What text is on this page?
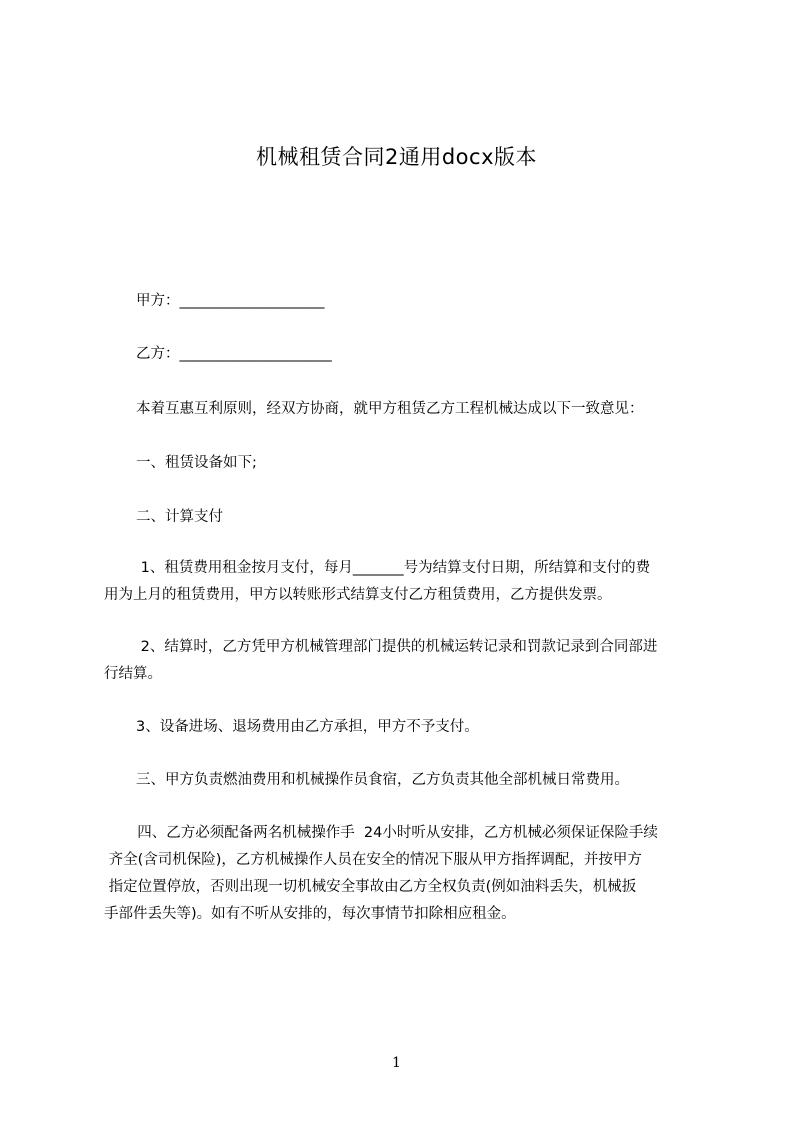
机械租赁合同2通用docx版本
甲方：____________________
乙方：_____________________
本着互惠互利原则，经双方协商，就甲方租赁乙方工程机械达成以下一致意见：
一、租赁设备如下;
二、计算支付
1、租赁费用租金按月支付，每月_______号为结算支付日期，所结算和支付的费
用为上月的租赁费用，甲方以转账形式结算支付乙方租赁费用，乙方提供发票。
2、结算时，乙方凭甲方机械管理部门提供的机械运转记录和罚款记录到合同部进
行结算。
3、设备进场、退场费用由乙方承担，甲方不予支付。
三、甲方负责燃油费用和机械操作员食宿，乙方负责其他全部机械日常费用。
四、乙方必须配备两名机械操作手  24小时听从安排，乙方机械必须保证保险手续
齐全(含司机保险)，乙方机械操作人员在安全的情况下服从甲方指挥调配，并按甲方
指定位置停放，否则出现一切机械安全事故由乙方全权负责(例如油料丢失，机械扳
手部件丢失等)。如有不听从安排的，每次事情节扣除相应租金。
1
